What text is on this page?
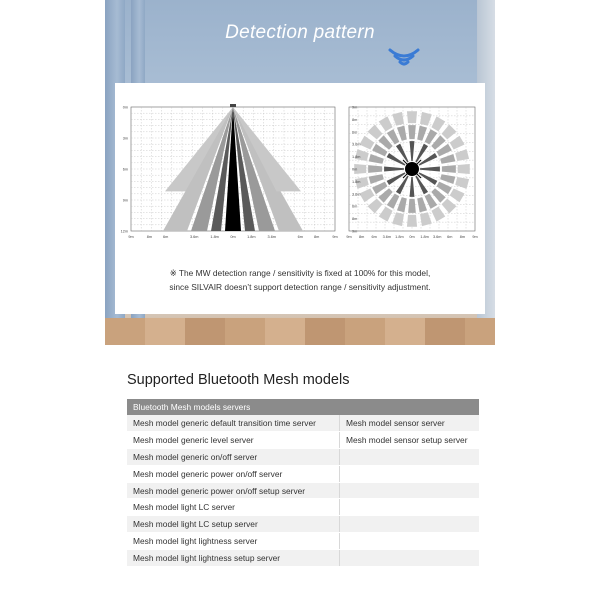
Detection pattern
0m
3m
6m
9m
12m
9m	8m	6m	3.6m	1.8m	0m	1.8m	3.6m	6m	8m	9m
9m
8m
6m
3.6m
1.8m
0m
1.8m
3.6m
6m
8m
9m
9m 8m 6m 3.6m 1.8m 0m 1.8m 3.6m 6m 8m 9m
※ The MW detection range / sensitivity is fixed at 100% for this model,
since SILVAIR doesn’t support detection range / sensitivity adjustment.
Supported Bluetooth Mesh models
Bluetooth Mesh models servers	
Mesh model generic default transition time server	Mesh model sensor server
Mesh model generic level server	Mesh model sensor setup server
Mesh model generic on/off server	
Mesh model generic power on/off server	
Mesh model generic power on/off setup server	
Mesh model light LC server	
Mesh model light LC setup server	
Mesh model light lightness server	
Mesh model light lightness setup server	
